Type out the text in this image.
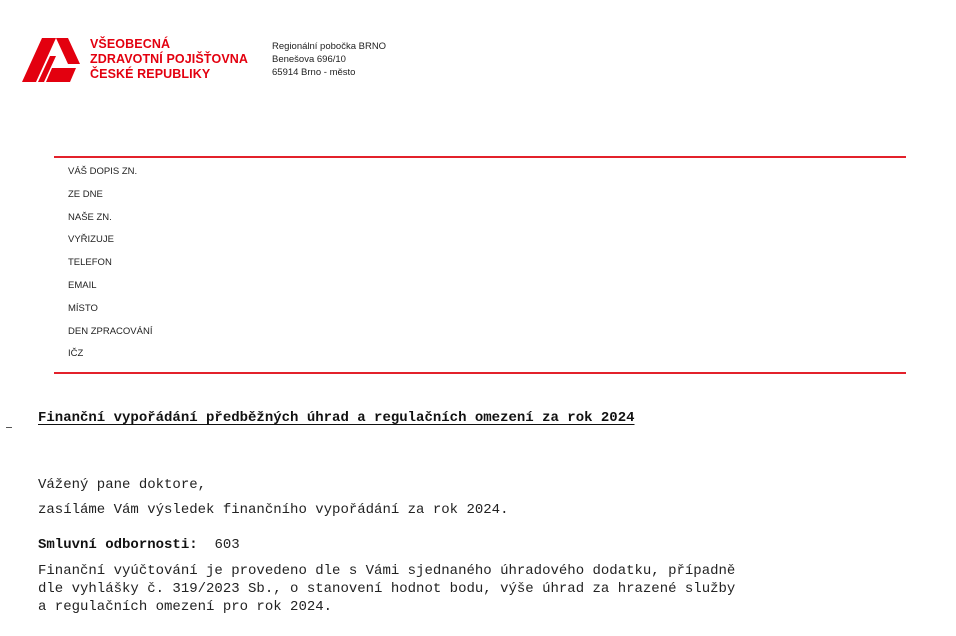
VŠEOBECNÁ
ZDRAVOTNÍ POJIŠŤOVNA
ČESKÉ REPUBLIKY
Regionální pobočka BRNO
Benešova 696/10
65914 Brno - město
VÁŠ DOPIS ZN.
ZE DNE
NAŠE ZN.
VYŘIZUJE
TELEFON
EMAIL
MÍSTO
DEN ZPRACOVÁNÍ
IČZ
Finanční vypořádání předběžných úhrad a regulačních omezení za rok 2024
Vážený pane doktore,
zasíláme Vám výsledek finančního vypořádání za rok 2024.
Smluvní odbornosti: 603
Finanční vyúčtování je provedeno dle s Vámi sjednaného úhradového dodatku, případně
dle vyhlášky č. 319/2023 Sb., o stanovení hodnot bodu, výše úhrad za hrazené služby
a regulačních omezení pro rok 2024.
